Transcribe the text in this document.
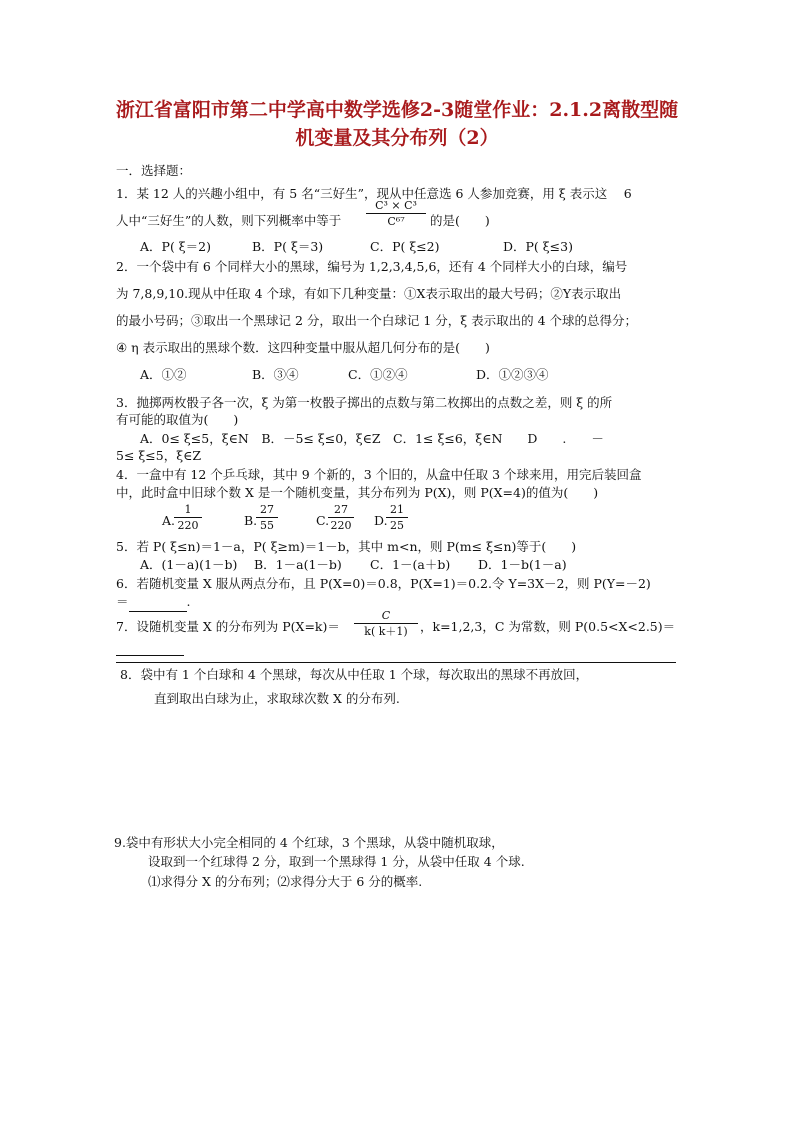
浙江省富阳市第二中学高中数学选修2-3随堂作业：2.1.2离散型随
机变量及其分布列（2）
一．选择题：
1．某 12 人的兴趣小组中，有 5 名“三好生”，现从中任意选 6 人参加竞赛，用 ξ 表示这　 6
人中“三好生”的人数，则下列概率中等于 $\frac{\text{C³ × C³}}{\text{C⁶⁷}}$ 的是(　　)
A．P( ξ＝2)	B．P( ξ＝3)	C．P( ξ≤2)	D．P( ξ≤3)
2．一个袋中有 6 个同样大小的黑球，编号为 1,2,3,4,5,6，还有 4 个同样大小的白球，编号
为 7,8,9,10.现从中任取 4 个球，有如下几种变量：①X表示取出的最大号码；②Y表示取出
的最小号码；③取出一个黑球记 2 分，取出一个白球记 1 分，ξ 表示取出的 4 个球的总得分；
④ η 表示取出的黑球个数．这四种变量中服从超几何分布的是(　　)
A．①②	B．③④	C．①②④	D．①②③④
3．抛掷两枚骰子各一次，ξ 为第一枚骰子掷出的点数与第二枚掷出的点数之差，则 ξ 的所
有可能的取值为(　　)
A．0≤ ξ≤5，ξ∈N　B．－5≤ ξ≤0，ξ∈Z　C．1≤ ξ≤6，ξ∈N　　D　　.　　－
5≤ ξ≤5，ξ∈Z
4．一盒中有 12 个乒乓球，其中 9 个新的，3 个旧的，从盒中任取 3 个球来用，用完后装回盒
中，此时盒中旧球个数 X 是一个随机变量，其分布列为 P(X)，则 P(X=4)的值为(　　)
A.
$\frac{1}{220}$	B.
$\frac{27}{55}$	C.
$\frac{27}{220} D$.
$\frac{21}{25}$
5．若 P( ξ≤n)＝1－a，P( ξ≥m)＝1－b，其中 m<n，则 P(m≤ ξ≤n)等于(　　)
A．(1－a)(1－b) B．1－a(1－b) C．1－(a＋b) D．1－b(1－a)
6．若随机变量 X 服从两点分布，且 P(X=0)＝0.8，P(X=1)＝0.2.令 Y=3X－2，则 P(Y=－2)
＝	.
7．设随机变量 X 的分布列为 $P(X=k)= \frac{C}{k( k+1)}$ ，k=1,2,3，C 为常数，则 P(0.5<X<2.5)＝
8．袋中有 1 个白球和 4 个黑球，每次从中任取 1 个球，每次取出的黑球不再放回，
直到取出白球为止，求取球次数 X 的分布列.
9.袋中有形状大小完全相同的 4 个红球，3 个黑球，从袋中随机取球，
设取到一个红球得 2 分，取到一个黑球得 1 分，从袋中任取 4 个球.
⑴求得分 X 的分布列；⑵求得分大于 6 分的概率.
